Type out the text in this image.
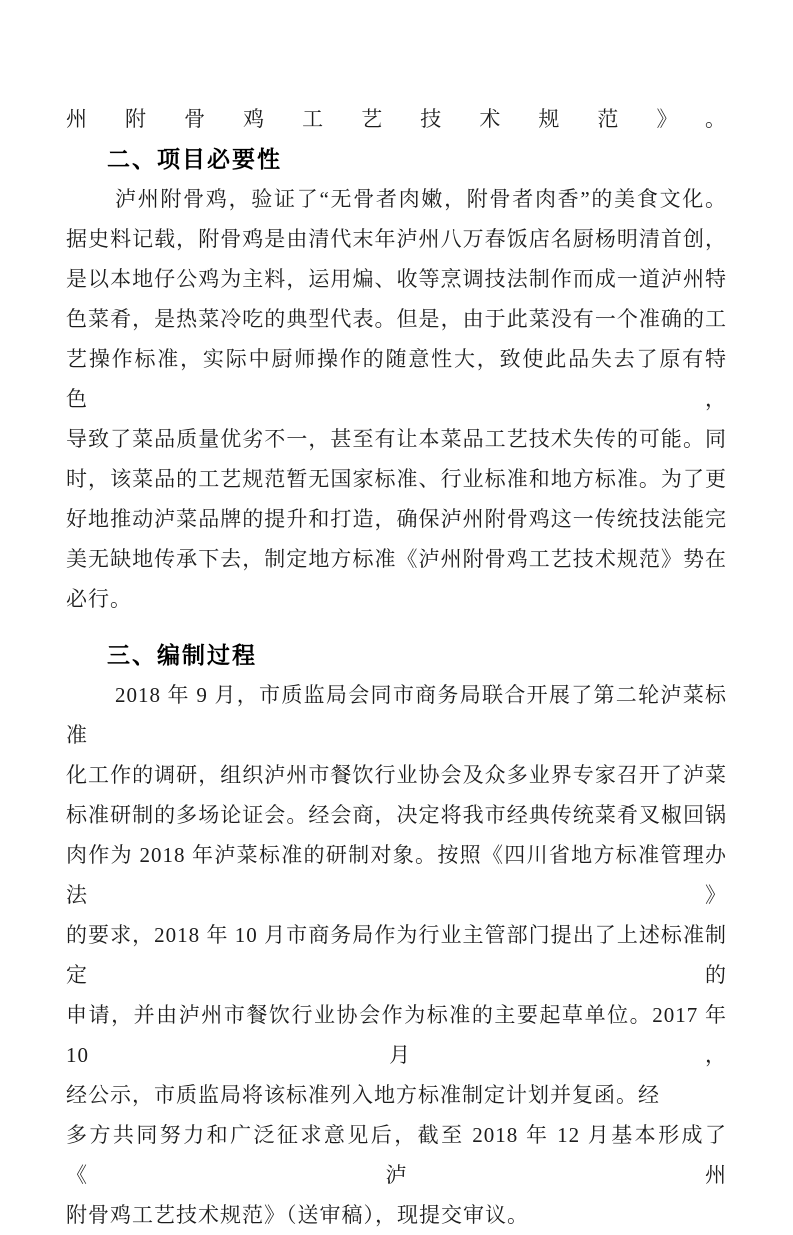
州附骨鸡工艺技术规范》。
二、项目必要性
泸州附骨鸡，验证了“无骨者肉嫩，附骨者肉香”的美食文化。
据史料记载，附骨鸡是由清代末年泸州八万春饭店名厨杨明清首创，
是以本地仔公鸡为主料，运用煸、收等烹调技法制作而成一道泸州特
色菜肴，是热菜冷吃的典型代表。但是，由于此菜没有一个准确的工
艺操作标准，实际中厨师操作的随意性大，致使此品失去了原有特色，
导致了菜品质量优劣不一，甚至有让本菜品工艺技术失传的可能。同
时，该菜品的工艺规范暂无国家标准、行业标准和地方标准。为了更
好地推动泸菜品牌的提升和打造，确保泸州附骨鸡这一传统技法能完
美无缺地传承下去，制定地方标准《泸州附骨鸡工艺技术规范》势在
必行。
三、编制过程
2018 年 9 月，市质监局会同市商务局联合开展了第二轮泸菜标准
化工作的调研，组织泸州市餐饮行业协会及众多业界专家召开了泸菜
标准研制的多场论证会。经会商，决定将我市经典传统菜肴叉椒回锅
肉作为 2018 年泸菜标准的研制对象。按照《四川省地方标准管理办法》
的要求，2018 年 10 月市商务局作为行业主管部门提出了上述标准制定的
申请，并由泸州市餐饮行业协会作为标准的主要起草单位。2017 年 10 月，
经公示，市质监局将该标准列入地方标准制定计划并复函。经
多方共同努力和广泛征求意见后，截至 2018 年 12 月基本形成了《泸州
附骨鸡工艺技术规范》（送审稿），现提交审议。
